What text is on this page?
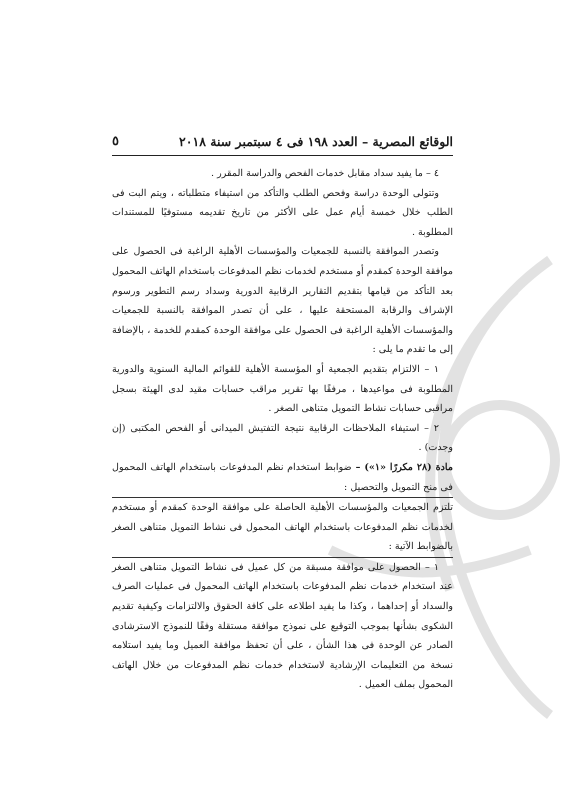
الوقائع المصرية – العدد ١٩٨ فى ٤ سبتمبر سنة ٢٠١٨
٥

٤ – ما يفيد سداد مقابل خدمات الفحص والدراسة المقرر .

وتتولى الوحدة دراسة وفحص الطلب والتأكد من استيفاء متطلباته ، ويتم البت فى الطلب خلال خمسة أيام عمل على الأكثر من تاريخ تقديمه مستوفيًا للمستندات المطلوبة .

وتصدر الموافقة بالنسبة للجمعيات والمؤسسات الأهلية الراغبة فى الحصول على موافقة الوحدة كمقدم أو مستخدم لخدمات نظم المدفوعات باستخدام الهاتف المحمول بعد التأكد من قيامها بتقديم التقارير الرقابية الدورية وسداد رسم التطوير ورسوم الإشراف والرقابة المستحقة عليها ، على أن تصدر الموافقة بالنسبة للجمعيات والمؤسسات الأهلية الراغبة فى الحصول على موافقة الوحدة كمقدم للخدمة ، بالإضافة إلى ما تقدم ما يلى :

١ – الالتزام بتقديم الجمعية أو المؤسسة الأهلية للقوائم المالية السنوية والدورية المطلوبة فى مواعيدها ، مرفقًا بها تقرير مراقب حسابات مقيد لدى الهيئة بسجل مراقبى حسابات نشاط التمويل متناهى الصغر .

٢ – استيفاء الملاحظات الرقابية نتيجة التفتيش الميدانى أو الفحص المكتبى (إن وجدت) .

مادة (٢٨ مكررًا «١») – ضوابط استخدام نظم المدفوعات باستخدام الهاتف المحمول فى منح التمويل والتحصيل :

تلتزم الجمعيات والمؤسسات الأهلية الحاصلة على موافقة الوحدة كمقدم أو مستخدم لخدمات نظم المدفوعات باستخدام الهاتف المحمول فى نشاط التمويل متناهى الصغر بالضوابط الآتية :

١ – الحصول على موافقة مسبقة من كل عميل فى نشاط التمويل متناهى الصغر عند استخدام خدمات نظم المدفوعات باستخدام الهاتف المحمول فى عمليات الصرف والسداد أو إحداهما ، وكذا ما يفيد اطلاعه على كافة الحقوق والالتزامات وكيفية تقديم الشكوى بشأنها بموجب التوقيع على نموذج موافقة مستقلة وفقًا للنموذج الاسترشادى الصادر عن الوحدة فى هذا الشأن ، على أن تحفظ موافقة العميل وما يفيد استلامه نسخة من التعليمات الإرشادية لاستخدام خدمات نظم المدفوعات من خلال الهاتف المحمول بملف العميل .
